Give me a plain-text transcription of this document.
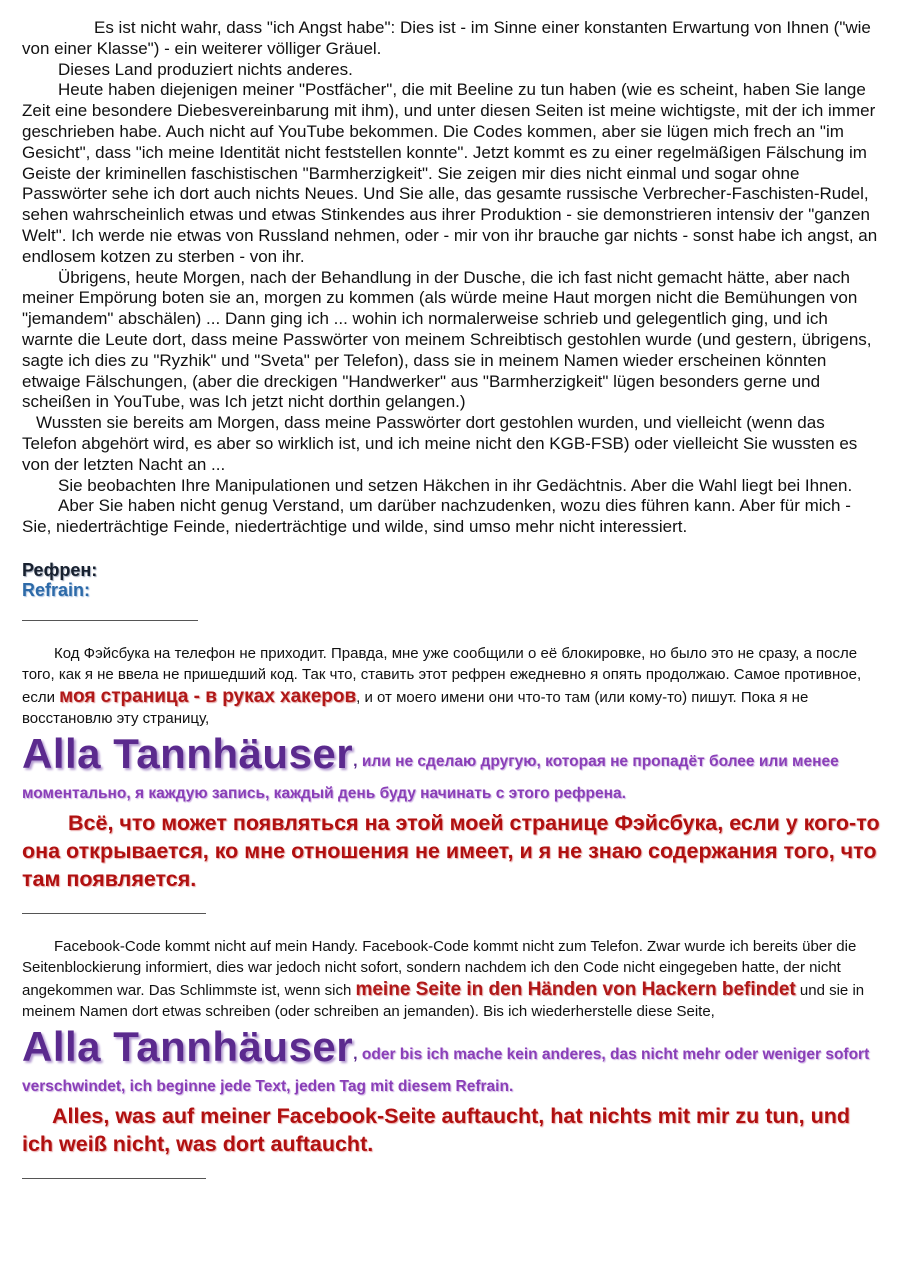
Es ist nicht wahr, dass "ich Angst habe": Dies ist - im Sinne einer konstanten Erwartung von Ihnen ("wie von einer Klasse") - ein weiterer völliger Gräuel.

Dieses Land produziert nichts anderes.

Heute haben diejenigen meiner "Postfächer", die mit Beeline zu tun haben (wie es scheint, haben Sie lange Zeit eine besondere Diebesvereinbarung mit ihm), und unter diesen Seiten ist meine wichtigste, mit der ich immer geschrieben habe. Auch nicht auf YouTube bekommen. Die Codes kommen, aber sie lügen mich frech an "im Gesicht", dass "ich meine Identität nicht feststellen konnte". Jetzt kommt es zu einer regelmäßigen Fälschung im Geiste der kriminellen faschistischen "Barmherzigkeit". Sie zeigen mir dies nicht einmal und sogar ohne Passwörter sehe ich dort auch nichts Neues. Und Sie alle, das gesamte russische Verbrecher-Faschisten-Rudel, sehen wahrscheinlich etwas und etwas Stinkendes aus ihrer Produktion - sie demonstrieren intensiv der "ganzen Welt". Ich werde nie etwas von Russland nehmen, oder - mir von ihr brauche gar nichts - sonst habe ich angst, an endlosem kotzen zu sterben - von ihr.

Übrigens, heute Morgen, nach der Behandlung in der Dusche, die ich fast nicht gemacht hätte, aber nach meiner Empörung boten sie an, morgen zu kommen (als würde meine Haut morgen nicht die Bemühungen von "jemandem" abschälen) ... Dann ging ich ... wohin ich normalerweise schrieb und gelegentlich ging, und ich warnte die Leute dort, dass meine Passwörter von meinem Schreibtisch gestohlen wurde (und gestern, übrigens, sagte ich dies zu "Ryzhik" und "Sveta" per Telefon), dass sie in meinem Namen wieder erscheinen könnten etwaige Fälschungen, (aber die dreckigen "Handwerker" aus "Barmherzigkeit" lügen besonders gerne und scheißen in YouTube, was Ich jetzt nicht dorthin gelangen.)

Wussten sie bereits am Morgen, dass meine Passwörter dort gestohlen wurden, und vielleicht (wenn das Telefon abgehört wird, es aber so wirklich ist, und ich meine nicht den KGB-FSB) oder vielleicht Sie wussten es von der letzten Nacht an ...

Sie beobachten Ihre Manipulationen und setzen Häkchen in ihr Gedächtnis. Aber die Wahl liegt bei Ihnen.

Aber Sie haben nicht genug Verstand, um darüber nachzudenken, wozu dies führen kann. Aber für mich - Sie, niederträchtige Feinde, niederträchtige und wilde, sind umso mehr nicht interessiert.

Рефрен:
Refrain:
Код Фэйсбука на телефон не приходит. Правда, мне уже сообщили о её блокировке, но было это не сразу, а после того, как я не ввела не пришедший код. Так что, ставить этот рефрен ежедневно я опять продолжаю. Самое противное, если моя страница - в руках хакеров, и от моего имени они что-то там (или кому-то) пишут. Пока я не восстановлю эту страницу,
Alla Tannhäuser, или не сделаю другую, которая не пропадёт более или менее моментально, я каждую запись, каждый день буду начинать с этого рефрена.
Всё, что может появляться на этой моей странице Фэйсбука, если у кого-то она открывается, ко мне отношения не имеет, и я не знаю содержания того, что там появляется.
Facebook-Code kommt nicht auf mein Handy. Facebook-Code kommt nicht zum Telefon. Zwar wurde ich bereits über die Seitenblockierung informiert, dies war jedoch nicht sofort, sondern nachdem ich den Code nicht eingegeben hatte, der nicht angekommen war. Das Schlimmste ist, wenn sich meine Seite in den Händen von Hackern befindet und sie in meinem Namen dort etwas schreiben (oder schreiben an jemanden). Bis ich wiederherstelle diese Seite,
Alla Tannhäuser, oder bis ich mache kein anderes, das nicht mehr oder weniger sofort verschwindet, ich beginne jede Text, jeden Tag mit diesem Refrain.
Alles, was auf meiner Facebook-Seite auftaucht, hat nichts mit mir zu tun, und ich weiß nicht, was dort auftaucht.
